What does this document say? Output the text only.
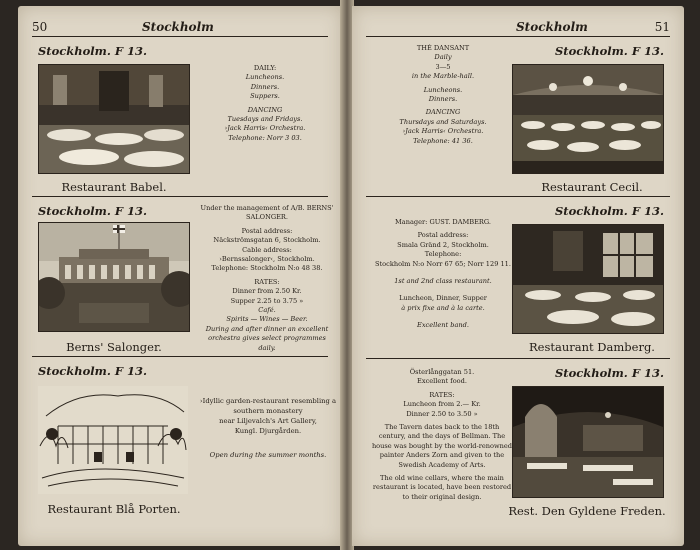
50	Stockholm
Stockholm. F 13.
Restaurant Babel.
DAILY:
Luncheons.
Dinners.
Suppers.
DANCING
Tuesdays and Fridays.
›Jack Harris‹ Orchestra.
Telephone: Norr 3 03.
Stockholm. F 13.
Berns' Salonger.
Under the management of A/B. BERNS'
SALONGER.
Postal address:
Näckströmsgatan 6, Stockholm.
Cable address:
›Bernssalonger‹, Stockholm.
Telephone: Stockholm N:o 48 38.
RATES:
Dinner from 2.50 Kr.
Supper 2.25 to 3.75 »
Café.
Spirits — Wines — Beer.
During and after dinner an excellent
orchestra gives select programmes
daily.
Stockholm. F 13.
Restaurant Blå Porten.
›Idyllic garden-restaurant resembling a
southern monastery
near Liljevalch's Art Gallery,
Kungl. Djurgården.
Open during the summer months.
Stockholm	51
Stockholm. F 13.
Restaurant Cecil.
THÉ DANSANT
Daily
3—5
in the Marble-hall.
Luncheons.
Dinners.
DANCING
Thursdays and Saturdays.
›Jack Harris‹ Orchestra.
Telephone: 41 36.
Stockholm. F 13.
Restaurant Damberg.
Manager: GUST. DAMBERG.
Postal address:
Smala Gränd 2, Stockholm.
Telephone:
Stockholm N:o Norr 67 65; Norr 129 11.
1st and 2nd class restaurant.
Luncheon, Dinner, Supper
à prix fixe and à la carte.
Excellent band.
Stockholm. F 13.
Rest. Den Gyldene Freden.
Österlånggatan 51.
Excellent food.
RATES:
Luncheon from 2.— Kr.
Dinner 2.50 to 3.50 »
The Tavern dates back to the 18th
century, and the days of Bellman. The
house was bought by the world-renowned
painter Anders Zorn and given to the
Swedish Academy of Arts.
The old wine cellars, where the main
restaurant is located, have been restored
to their original design.
